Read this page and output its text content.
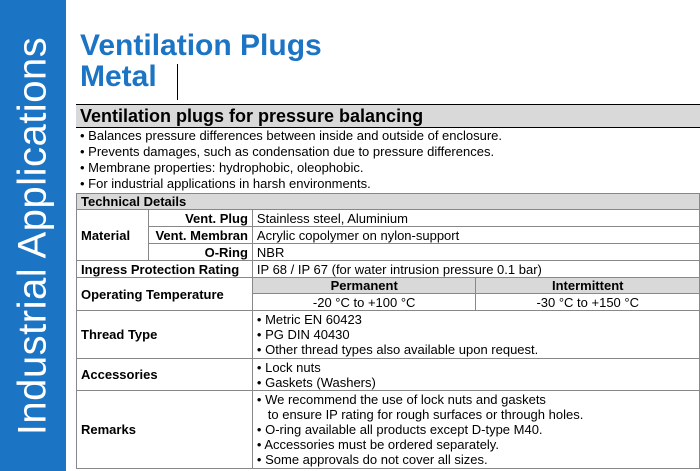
Industrial Applications Ventilation Plugs
Metal
Ventilation plugs for pressure balancing
• Balances pressure differences between inside and outside of enclosure.
• Prevents damages, such as condensation due to pressure differences.
• Membrane properties: hydrophobic, oleophobic.
• For industrial applications in harsh environments.
Technical Details			
Material	Vent. Plug	Stainless steel, Aluminium	
	Vent. Membran	Acrylic copolymer on nylon-support	
	O-Ring	NBR	
Ingress Protection Rating		IP 68 / IP 67 (for water intrusion pressure 0.1 bar)	
Operating Temperature		Permanent	Intermittent
		-20 °C to +100 °C	-30 °C to +150 °C
Thread Type		• Metric EN 60423
• PG DIN 40430
• Other thread types also available upon request.	

Accessories		• Lock nuts
• Gaskets (Washers)	

Remarks		• We recommend the use of lock nuts and gaskets
to ensure IP rating for rough surfaces or through holes.
• O-ring available all products except D-type M40.
• Accessories must be ordered separately.
• Some approvals do not cover all sizes.	
